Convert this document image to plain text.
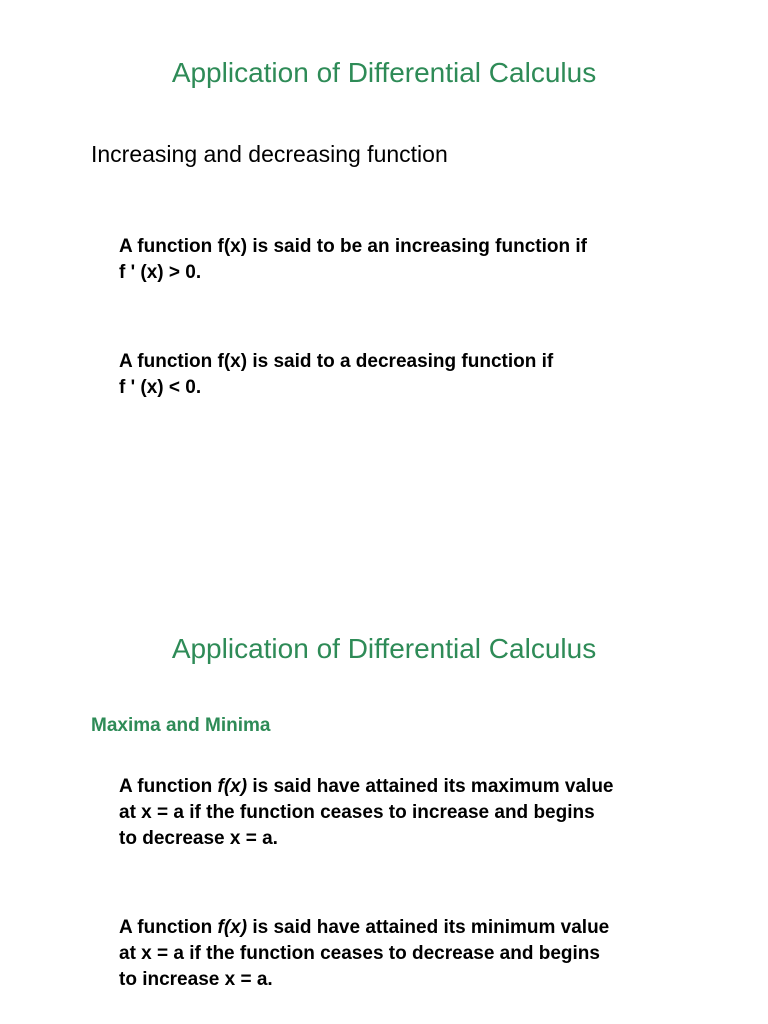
Application of Differential Calculus
Increasing and decreasing function

A function f(x) is said to be an increasing function if
f ' (x) > 0.

A function f(x) is said to a decreasing function if
f ' (x) < 0.

Application of Differential Calculus
Maxima and Minima

A function f(x) is said have attained its maximum value
at x = a if the function ceases to increase and begins
to decrease x = a.

A function f(x) is said have attained its minimum value
at x = a if the function ceases to decrease and begins
to increase x = a.
